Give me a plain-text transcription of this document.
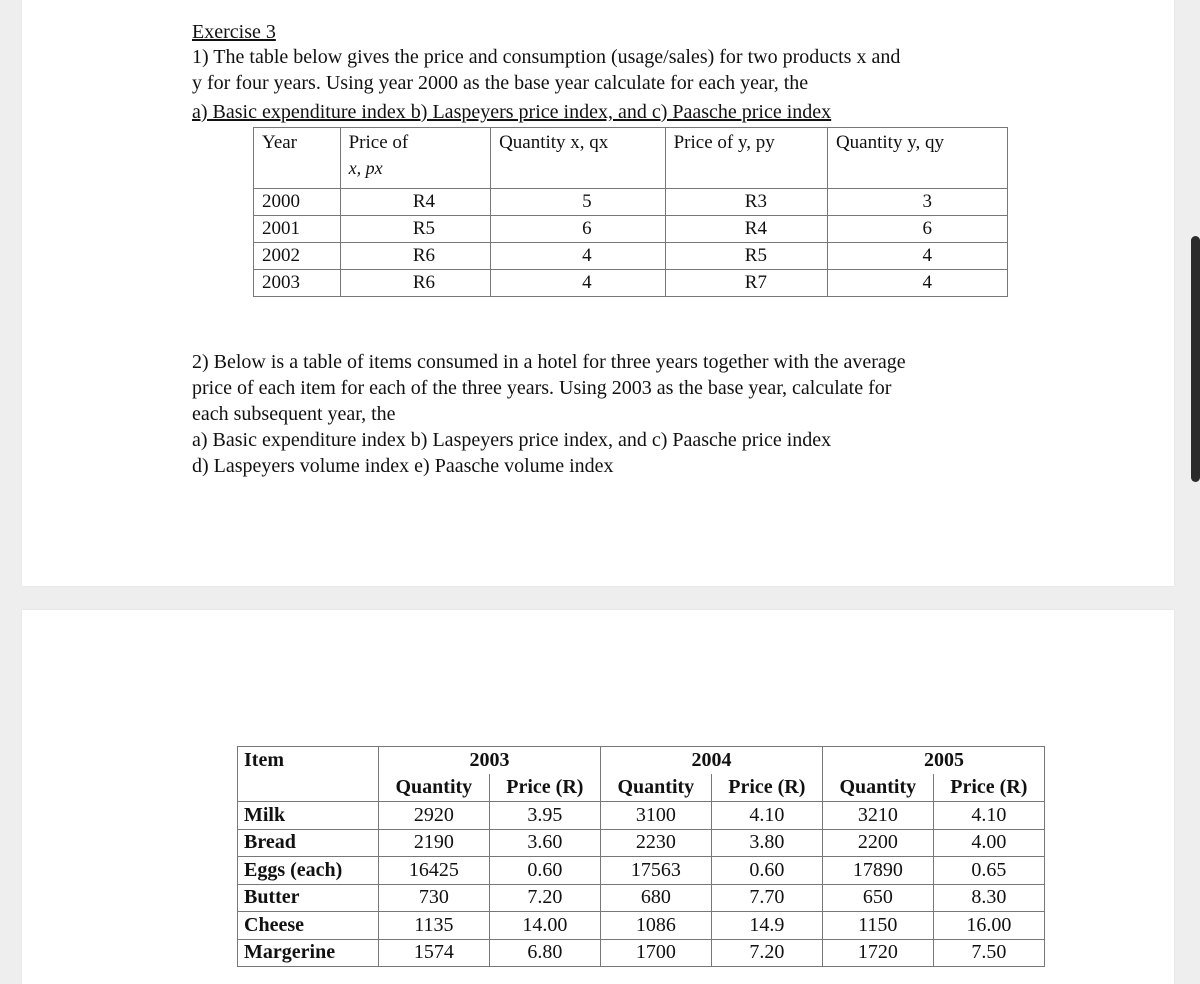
Exercise 3
1) The table below gives the price and consumption (usage/sales) for two products x and
y for four years. Using year 2000 as the base year calculate for each year, the
a) Basic expenditure index b) Laspeyers price index, and c) Paasche price index
Year	Price of	Quantity x, qx	Price of y, py	Quantity y, qy
	x, px			
2000	R4	5	R3	3
2001	R5	6	R4	6
2002	R6	4	R5	4
2003	R6	4	R7	4
2) Below is a table of items consumed in a hotel for three years together with the average
price of each item for each of the three years. Using 2003 as the base year, calculate for
each subsequent year, the
a) Basic expenditure index b) Laspeyers price index, and c) Paasche price index
d) Laspeyers volume index e) Paasche volume index
Item	2003		2004		2005	
	Quantity	Price (R)	Quantity	Price (R)	Quantity	Price (R)
Milk	2920	3.95	3100	4.10	3210	4.10
Bread	2190	3.60	2230	3.80	2200	4.00
Eggs (each)	16425	0.60	17563	0.60	17890	0.65
Butter	730	7.20	680	7.70	650	8.30
Cheese	1135	14.00	1086	14.9	1150	16.00
Margerine	1574	6.80	1700	7.20	1720	7.50
